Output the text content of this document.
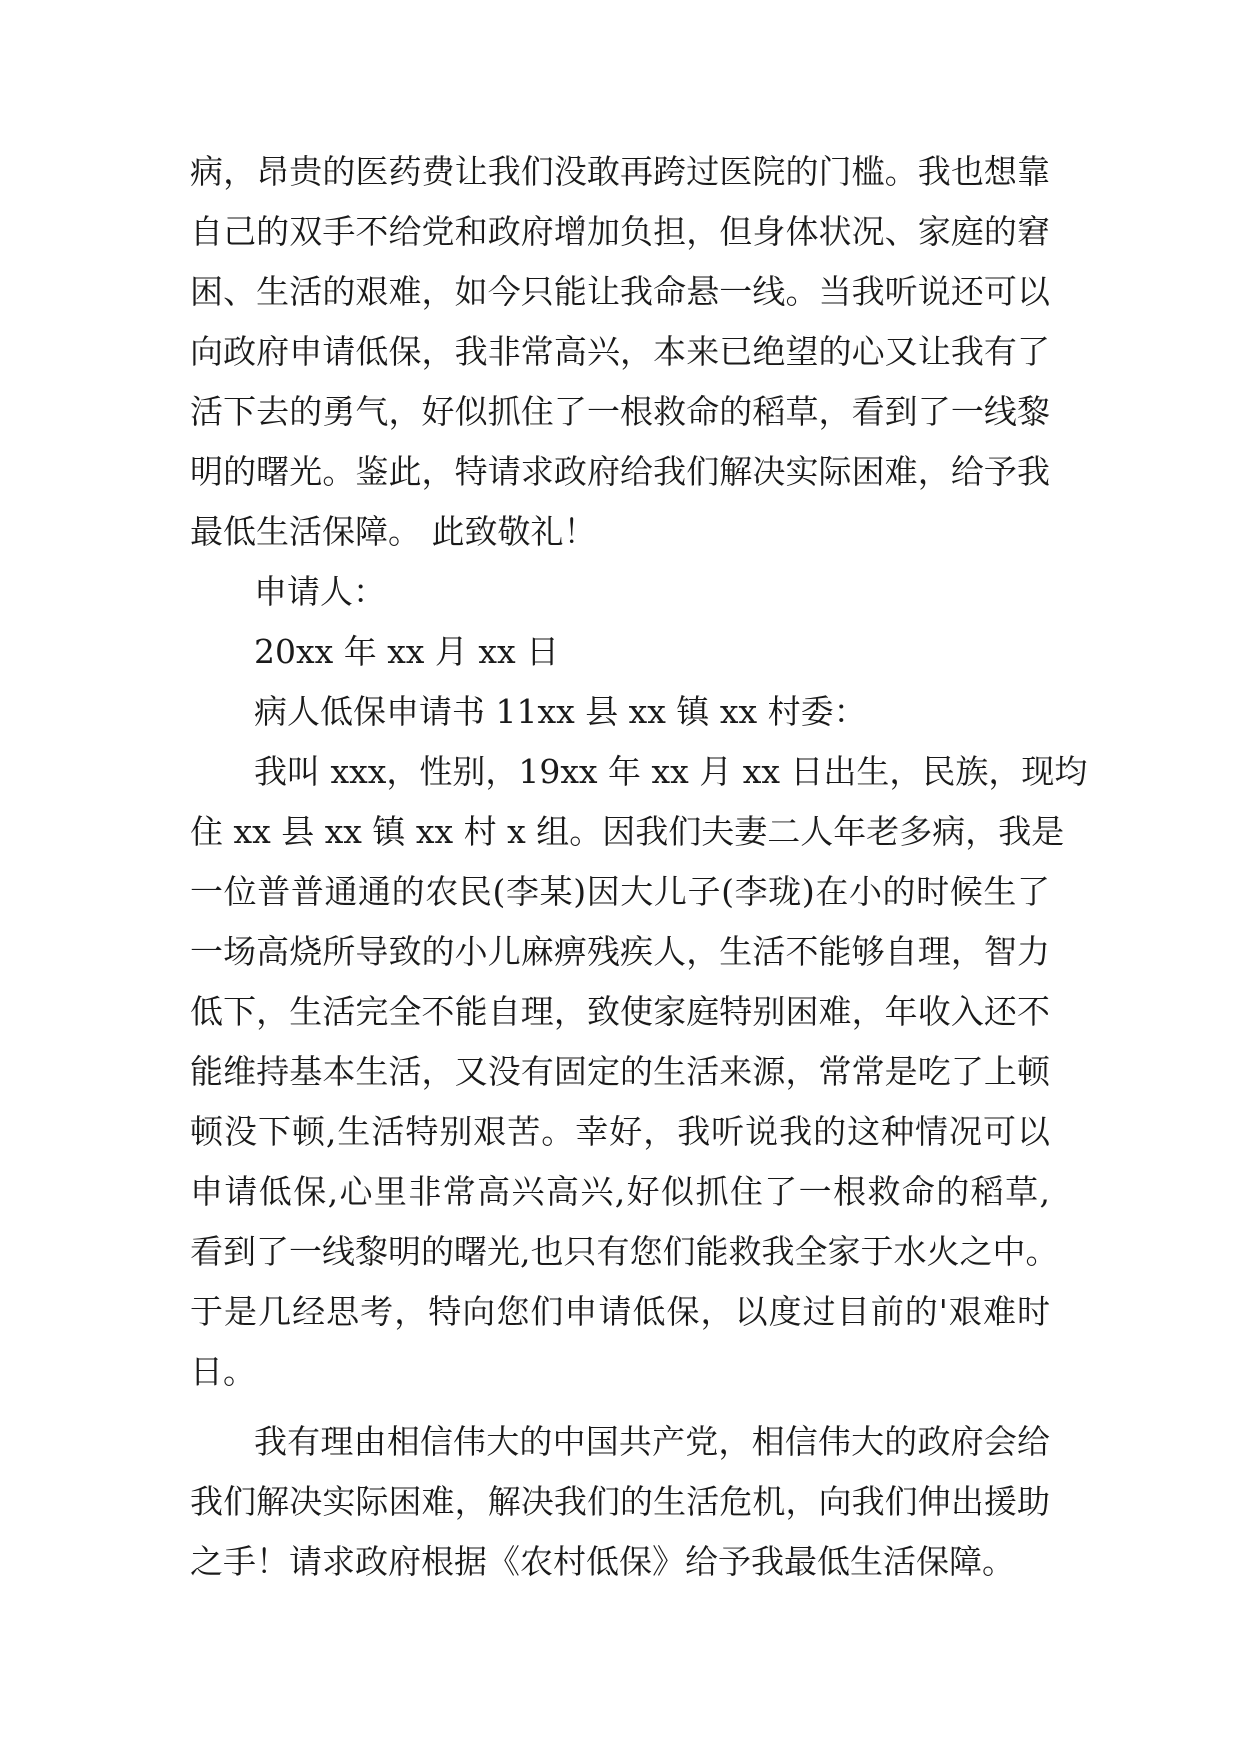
病，昂贵的医药费让我们没敢再跨过医院的门槛。我也想靠
自己的双手不给党和政府增加负担，但身体状况、家庭的窘
困、生活的艰难，如今只能让我命悬一线。当我听说还可以
向政府申请低保，我非常高兴，本来已绝望的心又让我有了
活下去的勇气，好似抓住了一根救命的稻草，看到了一线黎
明的曙光。鉴此，特请求政府给我们解决实际困难，给予我
最低生活保障。 此致敬礼！
申请人：
20xx 年 xx 月 xx 日
病人低保申请书 11xx 县 xx 镇 xx 村委：
我叫 xxx，性别，19xx 年 xx 月 xx 日出生，民族，现均
住 xx 县 xx 镇 xx 村 x 组。因我们夫妻二人年老多病，我是
一位普普通通的农民(李某)因大儿子(李珑)在小的时候生了
一场高烧所导致的小儿麻痹残疾人，生活不能够自理，智力
低下，生活完全不能自理，致使家庭特别困难，年收入还不
能维持基本生活，又没有固定的生活来源，常常是吃了上顿
顿没下顿,生活特别艰苦。幸好，我听说我的这种情况可以
申请低保,心里非常高兴高兴,好似抓住了一根救命的稻草,
看到了一线黎明的曙光,也只有您们能救我全家于水火之中。
于是几经思考，特向您们申请低保，以度过目前的'艰难时
日。
我有理由相信伟大的中国共产党，相信伟大的政府会给
我们解决实际困难，解决我们的生活危机，向我们伸出援助
之手！请求政府根据《农村低保》给予我最低生活保障。
